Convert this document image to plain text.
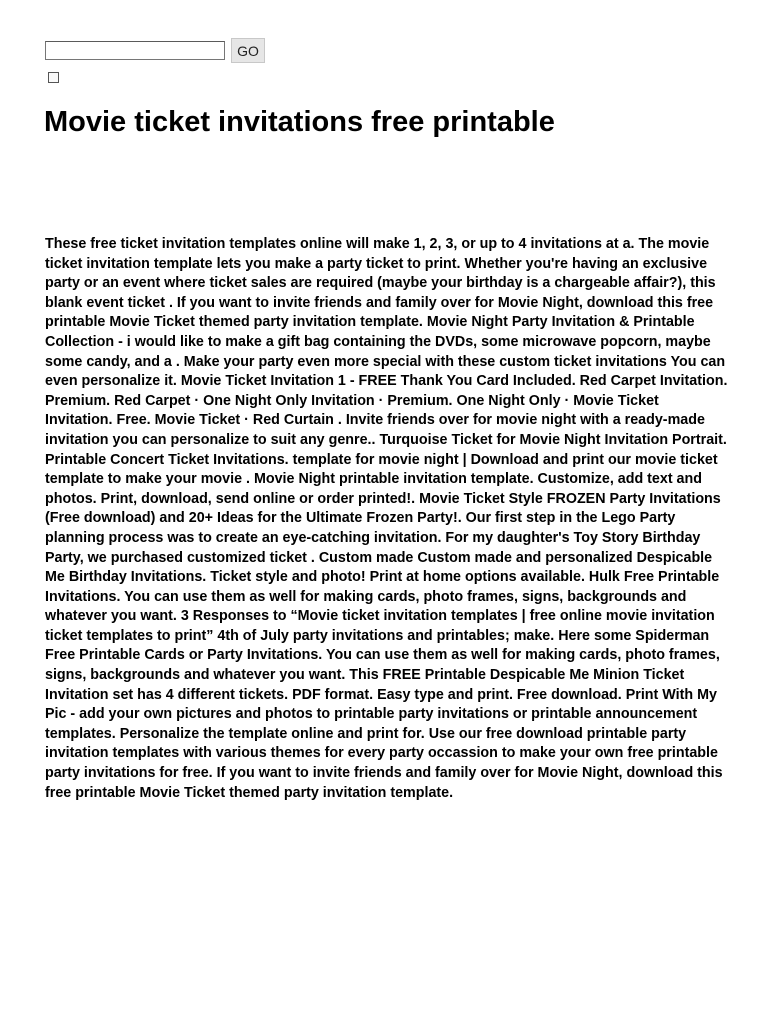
GO
Movie ticket invitations free printable

These free ticket invitation templates online will make 1, 2, 3, or up to 4 invitations at a. The movie ticket invitation template lets you make a party ticket to print. Whether you're having an exclusive party or an event where ticket sales are required (maybe your birthday is a chargeable affair?), this blank event ticket . If you want to invite friends and family over for Movie Night, download this free printable Movie Ticket themed party invitation template. Movie Night Party Invitation & Printable Collection - i would like to make a gift bag containing the DVDs, some microwave popcorn, maybe some candy, and a . Make your party even more special with these custom ticket invitations You can even personalize it. Movie Ticket Invitation 1 - FREE Thank You Card Included. Red Carpet Invitation. Premium. Red Carpet · One Night Only Invitation · Premium. One Night Only · Movie Ticket Invitation. Free. Movie Ticket · Red Curtain . Invite friends over for movie night with a ready-made invitation you can personalize to suit any genre.. Turquoise Ticket for Movie Night Invitation Portrait. Printable Concert Ticket Invitations. template for movie night | Download and print our movie ticket template to make your movie . Movie Night printable invitation template. Customize, add text and photos. Print, download, send online or order printed!. Movie Ticket Style FROZEN Party Invitations (Free download) and 20+ Ideas for the Ultimate Frozen Party!. Our first step in the Lego Party planning process was to create an eye-catching invitation. For my daughter's Toy Story Birthday Party, we purchased customized ticket . Custom made Custom made and personalized Despicable Me Birthday Invitations. Ticket style and photo! Print at home options available. Hulk Free Printable Invitations. You can use them as well for making cards, photo frames, signs, backgrounds and whatever you want. 3 Responses to “Movie ticket invitation templates | free online movie invitation ticket templates to print” 4th of July party invitations and printables; make. Here some Spiderman Free Printable Cards or Party Invitations. You can use them as well for making cards, photo frames, signs, backgrounds and whatever you want. This FREE Printable Despicable Me Minion Ticket Invitation set has 4 different tickets. PDF format. Easy type and print. Free download. Print With My Pic - add your own pictures and photos to printable party invitations or printable announcement templates. Personalize the template online and print for. Use our free download printable party invitation templates with various themes for every party occassion to make your own free printable party invitations for free. If you want to invite friends and family over for Movie Night, download this free printable Movie Ticket themed party invitation template.
